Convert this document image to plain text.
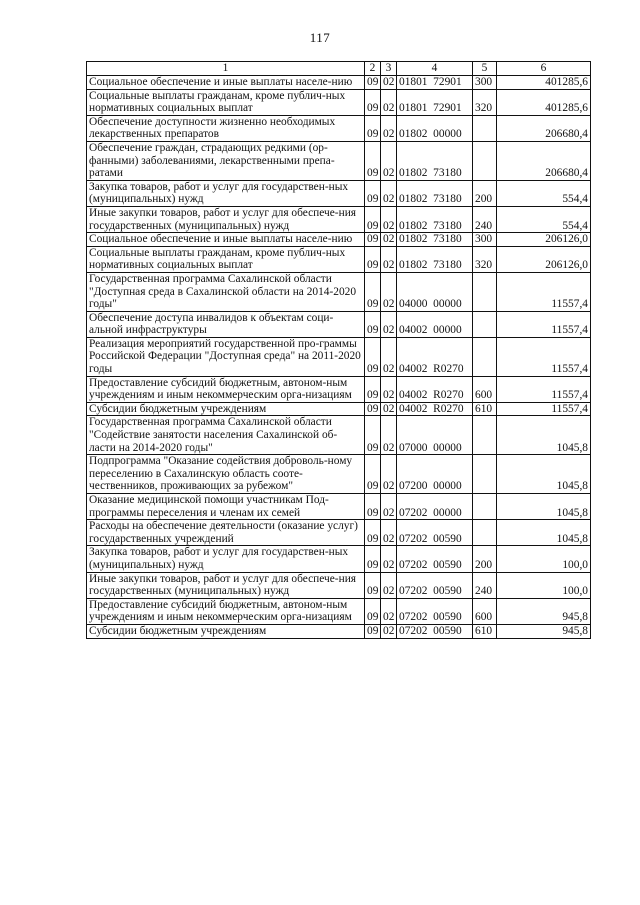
117
1	2	3	4	5	6
Социальное обеспечение и иные выплаты населе-нию	09	02	01801  72901	300	401285,6
Социальные выплаты гражданам, кроме публич-ных нормативных социальных выплат	09	02	01801  72901	320	401285,6
Обеспечение доступности жизненно необходимых лекарственных препаратов	09	02	01802  00000		206680,4
Обеспечение граждан, страдающих редкими (ор-фанными) заболеваниями, лекарственными препа-ратами	09	02	01802  73180		206680,4
Закупка товаров, работ и услуг для государствен-ных (муниципальных) нужд	09	02	01802  73180	200	554,4
Иные закупки товаров, работ и услуг для обеспече-ния государственных (муниципальных) нужд	09	02	01802  73180	240	554,4
Социальное обеспечение и иные выплаты населе-нию	09	02	01802  73180	300	206126,0
Социальные выплаты гражданам, кроме публич-ных нормативных социальных выплат	09	02	01802  73180	320	206126,0
Государственная программа Сахалинской области "Доступная среда в Сахалинской области на 2014-2020 годы"	09	02	04000  00000		11557,4
Обеспечение доступа инвалидов к объектам соци-альной инфраструктуры	09	02	04002  00000		11557,4
Реализация мероприятий государственной про-граммы Российской Федерации "Доступная среда" на 2011-2020 годы	09	02	04002  R0270		11557,4
Предоставление субсидий бюджетным, автоном-ным учреждениям и иным некоммерческим орга-низациям	09	02	04002  R0270	600	11557,4
Субсидии бюджетным учреждениям	09	02	04002  R0270	610	11557,4
Государственная программа Сахалинской области "Содействие занятости населения Сахалинской об-ласти на 2014-2020 годы"	09	02	07000  00000		1045,8
Подпрограмма "Оказание содействия доброволь-ному переселению в Сахалинскую область сооте-чественников, проживающих за рубежом"	09	02	07200  00000		1045,8
Оказание медицинской помощи участникам Под-программы переселения и членам их семей	09	02	07202  00000		1045,8
Расходы на обеспечение деятельности (оказание услуг) государственных учреждений	09	02	07202  00590		1045,8
Закупка товаров, работ и услуг для государствен-ных (муниципальных) нужд	09	02	07202  00590	200	100,0
Иные закупки товаров, работ и услуг для обеспече-ния государственных (муниципальных) нужд	09	02	07202  00590	240	100,0
Предоставление субсидий бюджетным, автоном-ным учреждениям и иным некоммерческим орга-низациям	09	02	07202  00590	600	945,8
Субсидии бюджетным учреждениям	09	02	07202  00590	610	945,8
